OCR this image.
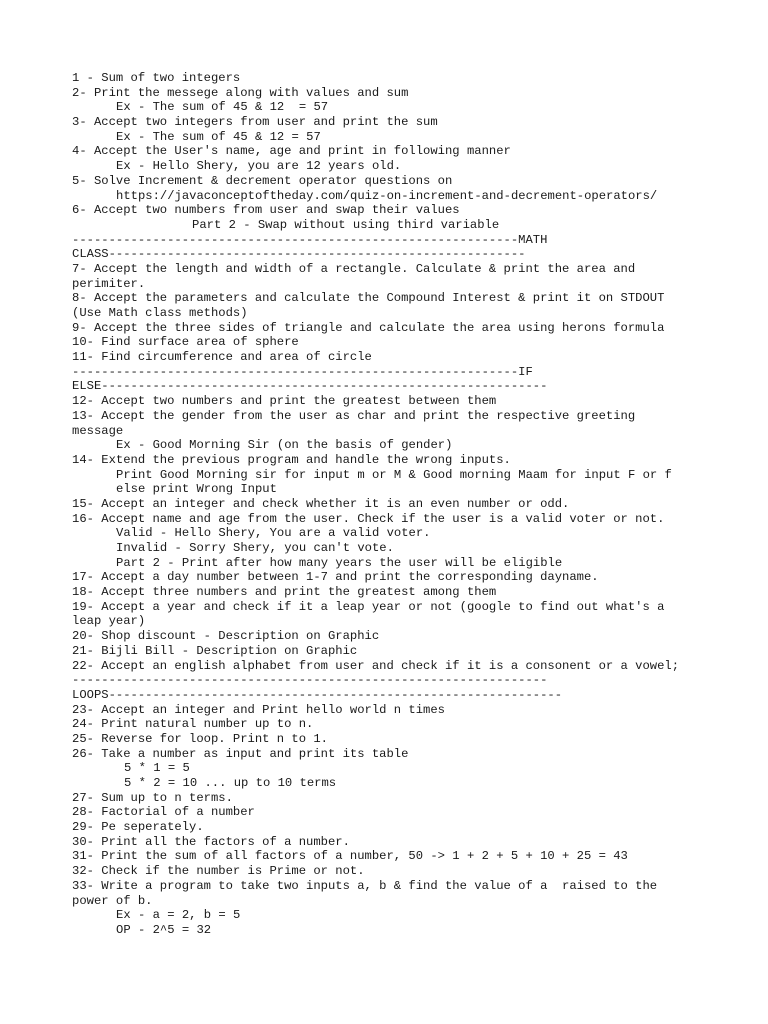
1 - Sum of two integers
2- Print the messege along with values and sum
Ex - The sum of 45 & 12  = 57
3- Accept two integers from user and print the sum
Ex - The sum of 45 & 12 = 57
4- Accept the User's name, age and print in following manner
Ex - Hello Shery, you are 12 years old.
5- Solve Increment & decrement operator questions on
https://javaconceptoftheday.com/quiz-on-increment-and-decrement-operators/
6- Accept two numbers from user and swap their values
Part 2 - Swap without using third variable
-------------------------------------------------------------MATH
CLASS---------------------------------------------------------
7- Accept the length and width of a rectangle. Calculate & print the area and
perimiter.
8- Accept the parameters and calculate the Compound Interest & print it on STDOUT
(Use Math class methods)
9- Accept the three sides of triangle and calculate the area using herons formula
10- Find surface area of sphere
11- Find circumference and area of circle
-------------------------------------------------------------IF
ELSE-------------------------------------------------------------
12- Accept two numbers and print the greatest between them
13- Accept the gender from the user as char and print the respective greeting
message
Ex - Good Morning Sir (on the basis of gender)
14- Extend the previous program and handle the wrong inputs.
Print Good Morning sir for input m or M & Good morning Maam for input F or f
else print Wrong Input
15- Accept an integer and check whether it is an even number or odd.
16- Accept name and age from the user. Check if the user is a valid voter or not.
Valid - Hello Shery, You are a valid voter.
Invalid - Sorry Shery, you can't vote.
Part 2 - Print after how many years the user will be eligible
17- Accept a day number between 1-7 and print the corresponding dayname.
18- Accept three numbers and print the greatest among them
19- Accept a year and check if it a leap year or not (google to find out what's a
leap year)
20- Shop discount - Description on Graphic
21- Bijli Bill - Description on Graphic
22- Accept an english alphabet from user and check if it is a consonent or a vowel;
-----------------------------------------------------------------
LOOPS--------------------------------------------------------------
23- Accept an integer and Print hello world n times
24- Print natural number up to n.
25- Reverse for loop. Print n to 1.
26- Take a number as input and print its table
5 * 1 = 5
5 * 2 = 10 ... up to 10 terms
27- Sum up to n terms.
28- Factorial of a number
29- Pe seperately.
30- Print all the factors of a number.
31- Print the sum of all factors of a number, 50 -> 1 + 2 + 5 + 10 + 25 = 43
32- Check if the number is Prime or not.
33- Write a program to take two inputs a, b & find the value of a  raised to the
power of b.
Ex - a = 2, b = 5
OP - 2^5 = 32
